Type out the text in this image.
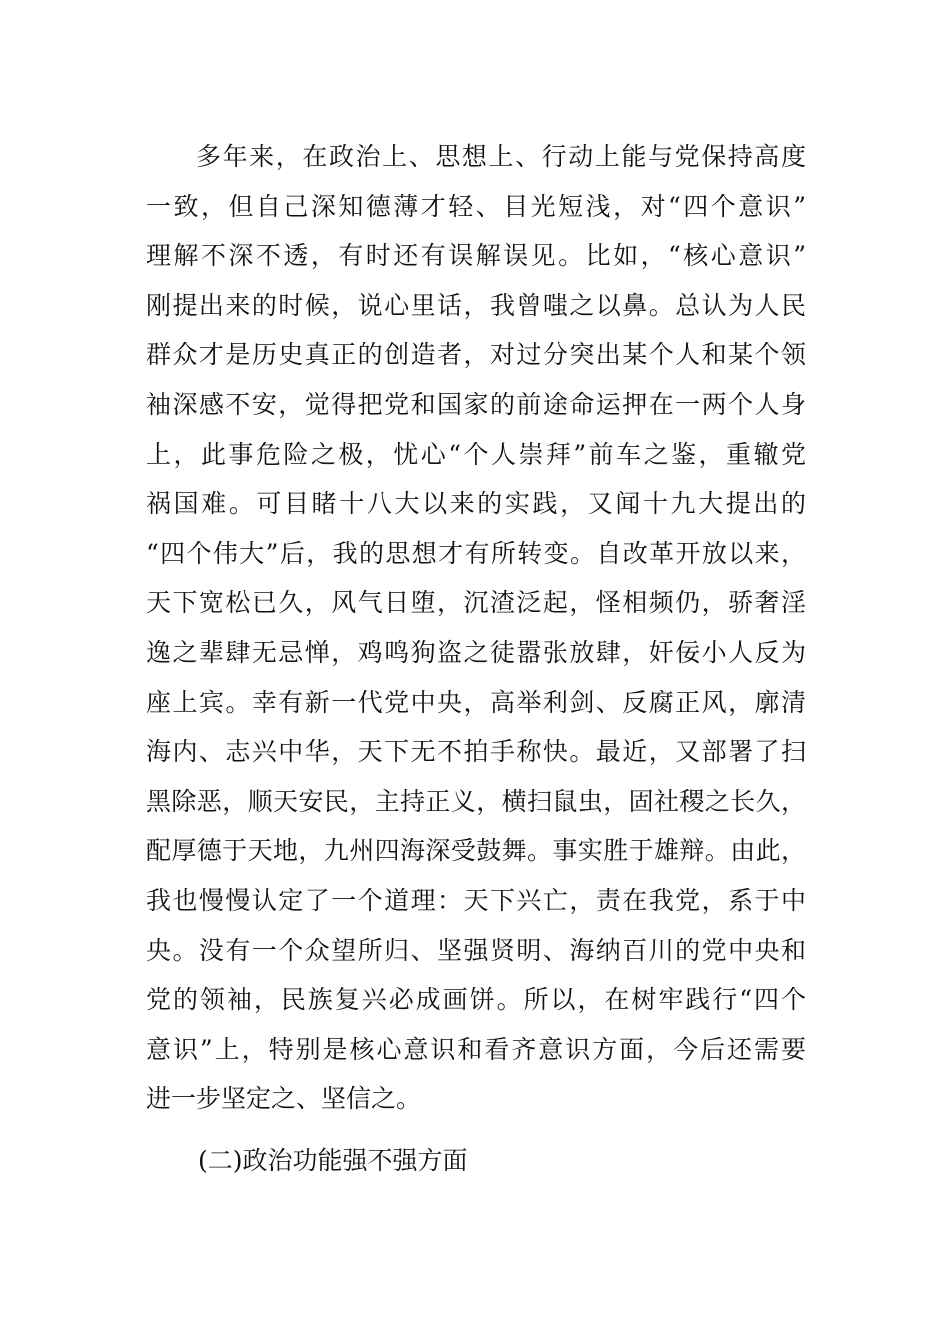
多年来，在政治上、思想上、行动上能与党保持高度
一致，但自己深知德薄才轻、目光短浅，对“四个意识”
理解不深不透，有时还有误解误见。比如，“核心意识”
刚提出来的时候，说心里话，我曾嗤之以鼻。总认为人民
群众才是历史真正的创造者，对过分突出某个人和某个领
袖深感不安，觉得把党和国家的前途命运押在一两个人身
上，此事危险之极，忧心“个人崇拜”前车之鉴，重辙党
祸国难。可目睹十八大以来的实践，又闻十九大提出的
“四个伟大”后，我的思想才有所转变。自改革开放以来，
天下宽松已久，风气日堕，沉渣泛起，怪相频仍，骄奢淫
逸之辈肆无忌惮，鸡鸣狗盗之徒嚣张放肆，奸佞小人反为
座上宾。幸有新一代党中央，高举利剑、反腐正风，廓清
海内、志兴中华，天下无不拍手称快。最近，又部署了扫
黑除恶，顺天安民，主持正义，横扫鼠虫，固社稷之长久，
配厚德于天地，九州四海深受鼓舞。事实胜于雄辩。由此，
我也慢慢认定了一个道理：天下兴亡，责在我党，系于中
央。没有一个众望所归、坚强贤明、海纳百川的党中央和
党的领袖，民族复兴必成画饼。所以，在树牢践行“四个
意识”上，特别是核心意识和看齐意识方面，今后还需要
进一步坚定之、坚信之。
(二)政治功能强不强方面
